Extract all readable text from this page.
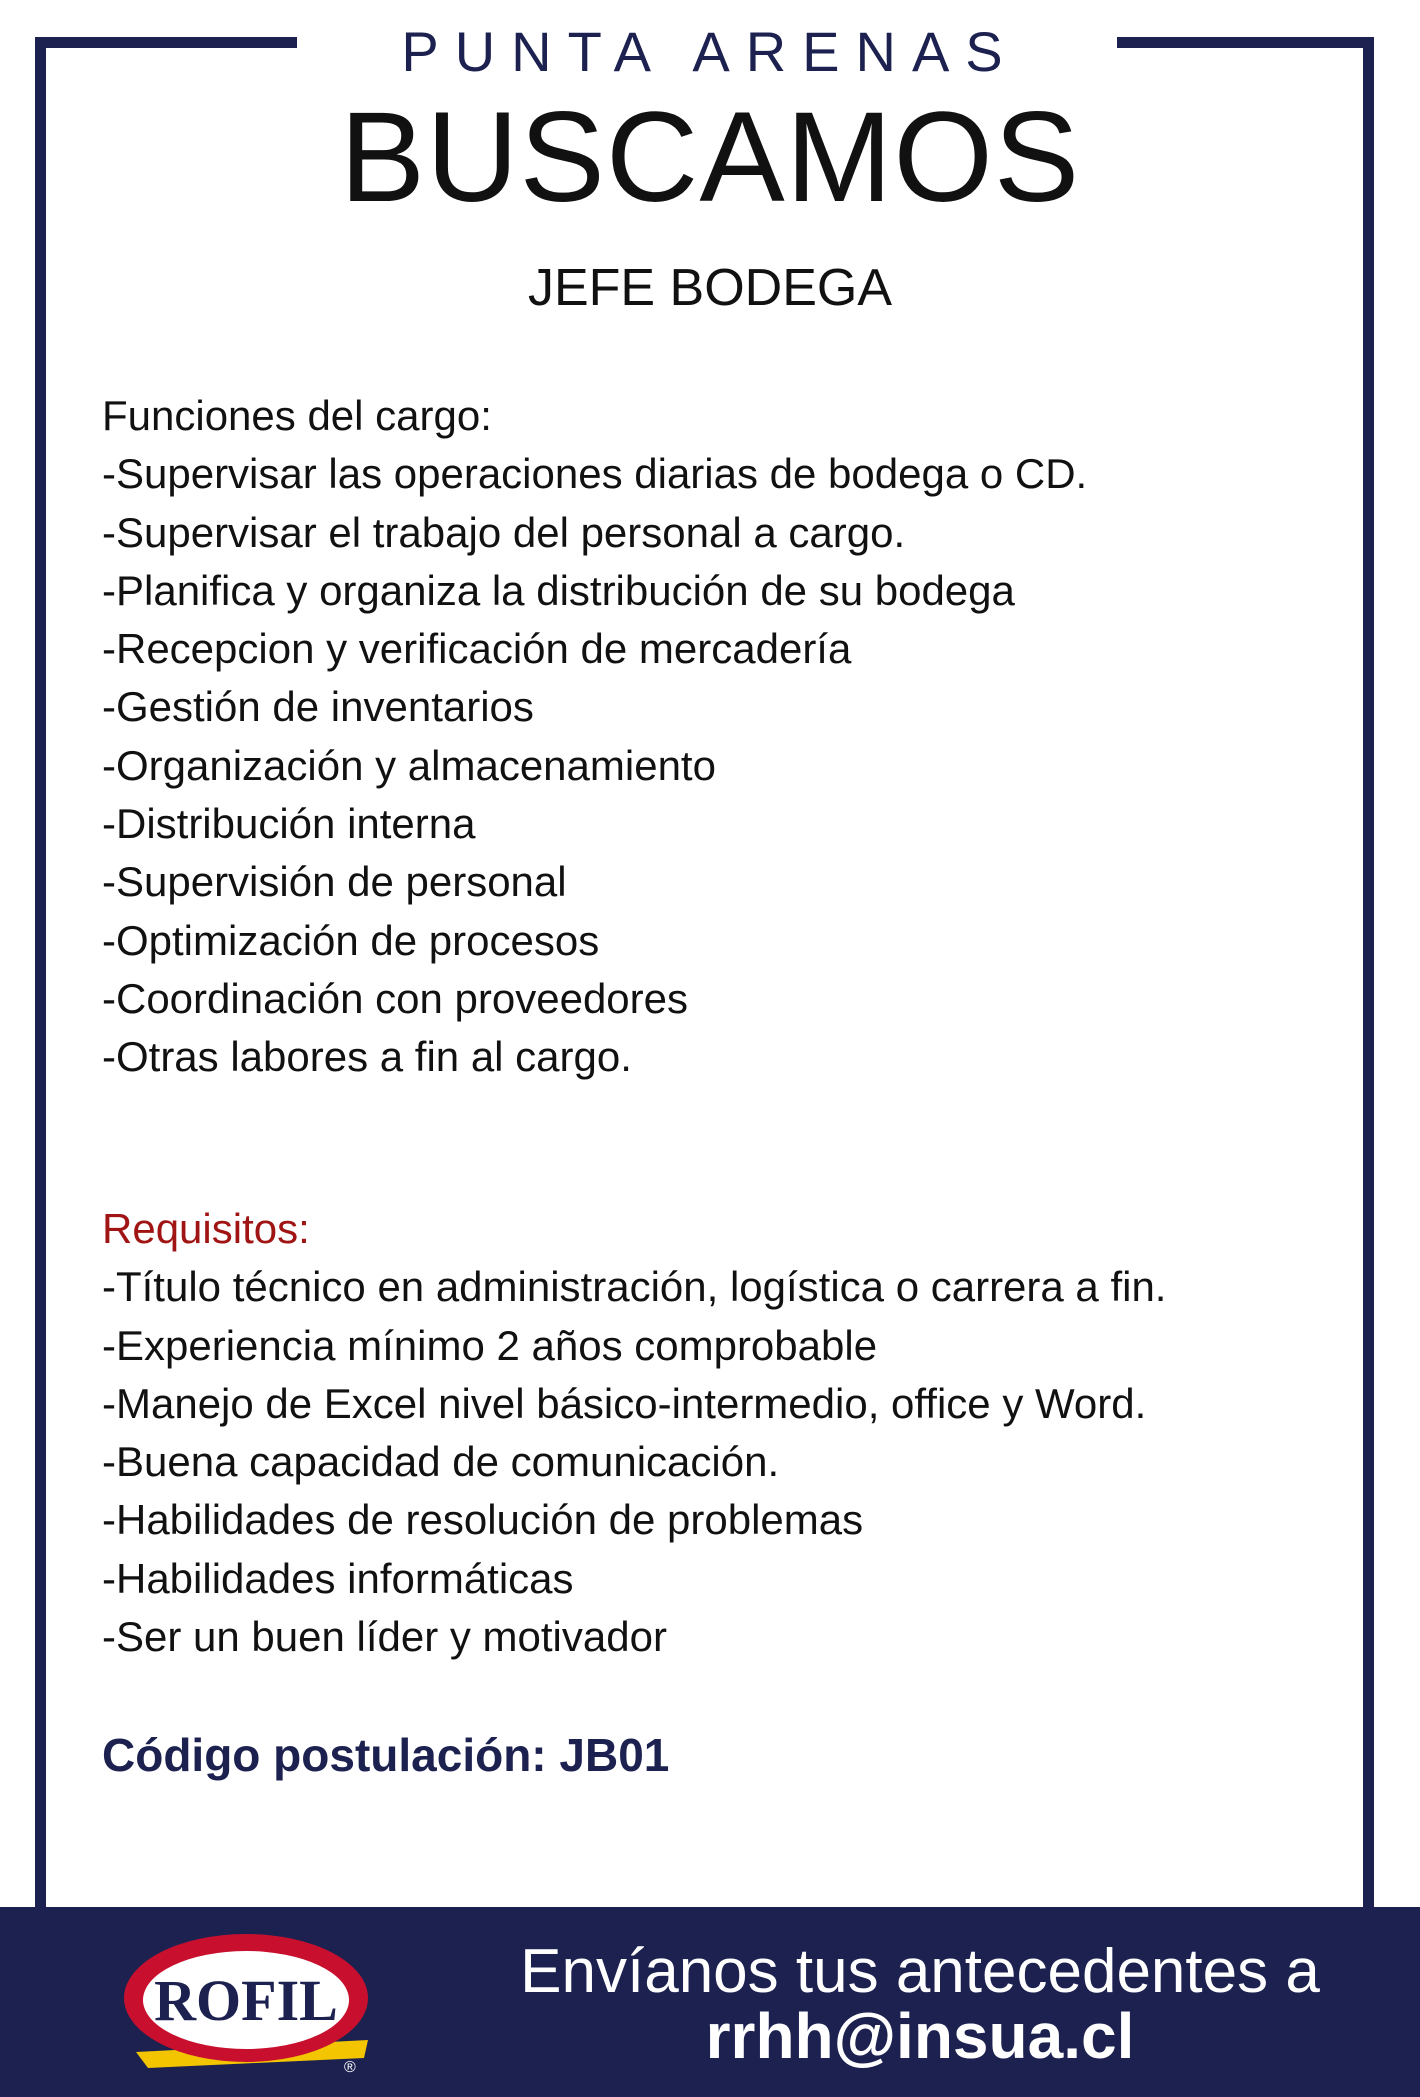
PUNTA ARENAS
BUSCAMOS
JEFE BODEGA
Funciones del cargo:
-Supervisar las operaciones diarias de bodega o CD.
-Supervisar el trabajo del personal a cargo.
-Planifica y organiza la distribución de su bodega
-Recepcion y verificación de mercadería
-Gestión de inventarios
-Organización y almacenamiento
-Distribución interna
-Supervisión de personal
-Optimización de procesos
-Coordinación con proveedores
-Otras labores a fin al cargo.
Requisitos:
-Título técnico en administración, logística o carrera a fin.
-Experiencia mínimo 2 años comprobable
-Manejo de Excel nivel básico-intermedio, office y Word.
-Buena capacidad de comunicación.
-Habilidades de resolución de problemas
-Habilidades informáticas
-Ser un buen líder y motivador
Código postulación: JB01
ROFIL
®
Envíanos tus antecedentes a
rrhh@insua.cl
